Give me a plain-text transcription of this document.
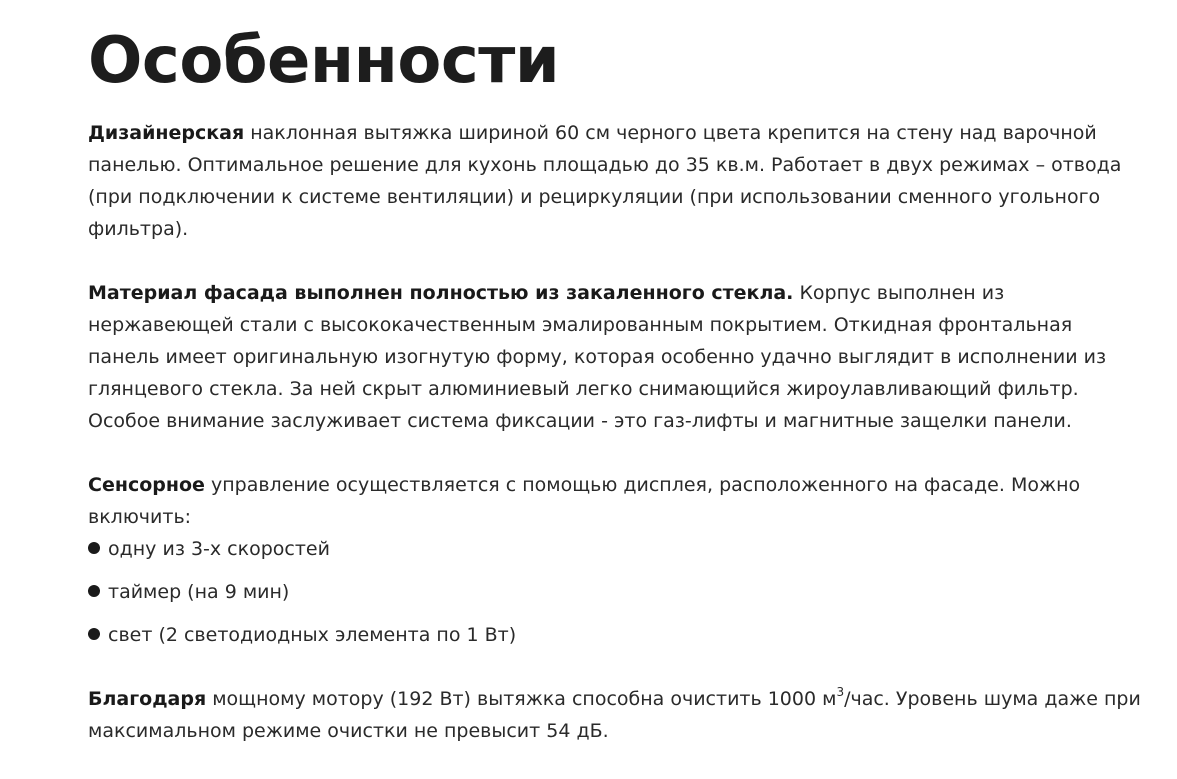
Особенности

Дизайнерская наклонная вытяжка шириной 60 см черного цвета крепится на стену над варочной панелью. Оптимальное решение для кухонь площадью до 35 кв.м. Работает в двух режимах – отвода (при подключении к системе вентиляции) и рециркуляции (при использовании сменного угольного фильтра).

Материал фасада выполнен полностью из закаленного стекла. Корпус выполнен из нержавеющей стали с высококачественным эмалированным покрытием. Откидная фронтальная панель имеет оригинальную изогнутую форму, которая особенно удачно выглядит в исполнении из глянцевого стекла. За ней скрыт алюминиевый легко снимающийся жироулавливающий фильтр. Особое внимание заслуживает система фиксации - это газ-лифты и магнитные защелки панели.

Сенсорное управление осуществляется с помощью дисплея, расположенного на фасаде. Можно включить:

одну из 3-х скоростей
таймер (на 9 мин)
свет (2 светодиодных элемента по 1 Вт)

Благодаря мощному мотору (192 Вт) вытяжка способна очистить 1000 $м^3$/час. Уровень шума даже при максимальном режиме очистки не превысит 54 дБ.
